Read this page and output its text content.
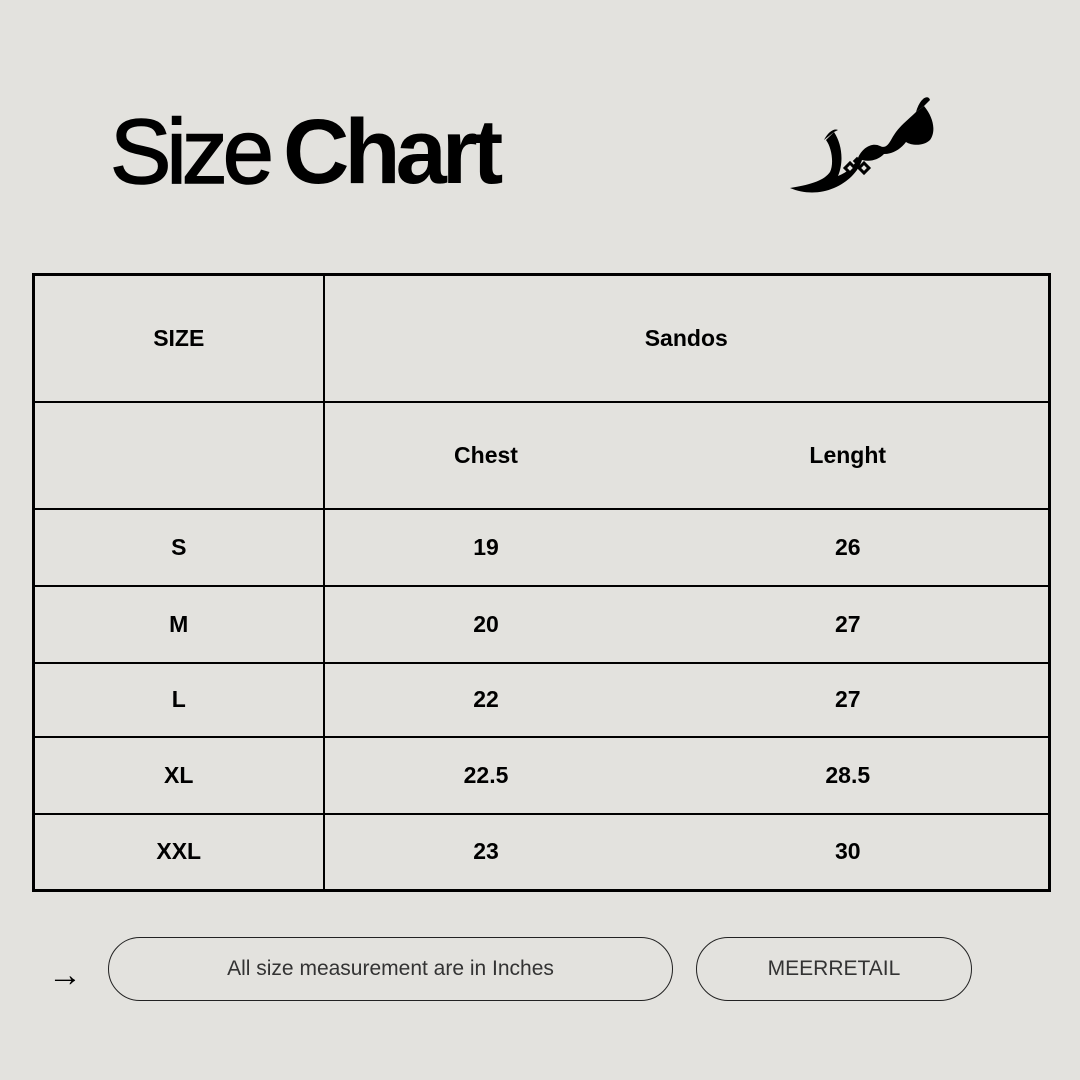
Size Chart
SIZE	Sandos	
	Chest	Lenght
S	19	26
M	20	27
L	22	27
XL	22.5	28.5
XXL	23	30
→	All size measurement are in Inches	MEERRETAIL
